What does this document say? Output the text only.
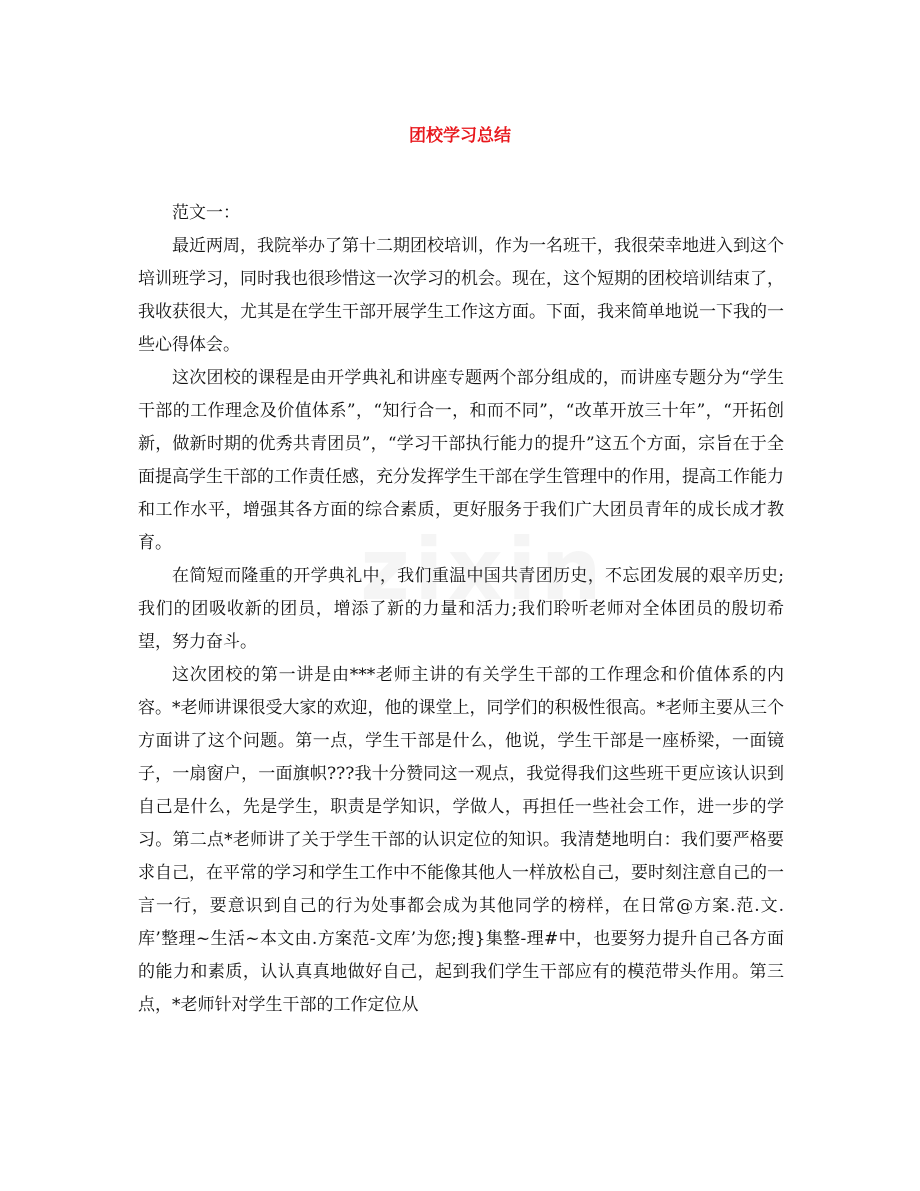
团校学习总结

范文一：

最近两周，我院举办了第十二期团校培训，作为一名班干，我很荣幸地进入到这个培训班学习，同时我也很珍惜这一次学习的机会。现在，这个短期的团校培训结束了，我收获很大，尤其是在学生干部开展学生工作这方面。下面，我来简单地说一下我的一些心得体会。

这次团校的课程是由开学典礼和讲座专题两个部分组成的，而讲座专题分为“学生干部的工作理念及价值体系”，“知行合一，和而不同”，“改革开放三十年”，“开拓创新，做新时期的优秀共青团员”，“学习干部执行能力的提升”这五个方面，宗旨在于全面提高学生干部的工作责任感，充分发挥学生干部在学生管理中的作用，提高工作能力和工作水平，增强其各方面的综合素质，更好服务于我们广大团员青年的成长成才教育。

在简短而隆重的开学典礼中，我们重温中国共青团历史，不忘团发展的艰辛历史;我们的团吸收新的团员，增添了新的力量和活力;我们聆听老师对全体团员的殷切希望，努力奋斗。

这次团校的第一讲是由***老师主讲的有关学生干部的工作理念和价值体系的内容。*老师讲课很受大家的欢迎，他的课堂上，同学们的积极性很高。*老师主要从三个方面讲了这个问题。第一点，学生干部是什么，他说，学生干部是一座桥梁，一面镜子，一扇窗户，一面旗帜???我十分赞同这一观点，我觉得我们这些班干更应该认识到自己是什么，先是学生，职责是学知识，学做人，再担任一些社会工作，进一步的学习。第二点*老师讲了关于学生干部的认识定位的知识。我清楚地明白：我们要严格要求自己，在平常的学习和学生工作中不能像其他人一样放松自己，要时刻注意自己的一言一行，要意识到自己的行为处事都会成为其他同学的榜样，在日常@方案.范.文.库’整理~生活~本文由.方案范-文库’为您;搜}集整-理#中，也要努力提升自己各方面的能力和素质，认认真真地做好自己，起到我们学生干部应有的模范带头作用。第三点，*老师针对学生干部的工作定位从
